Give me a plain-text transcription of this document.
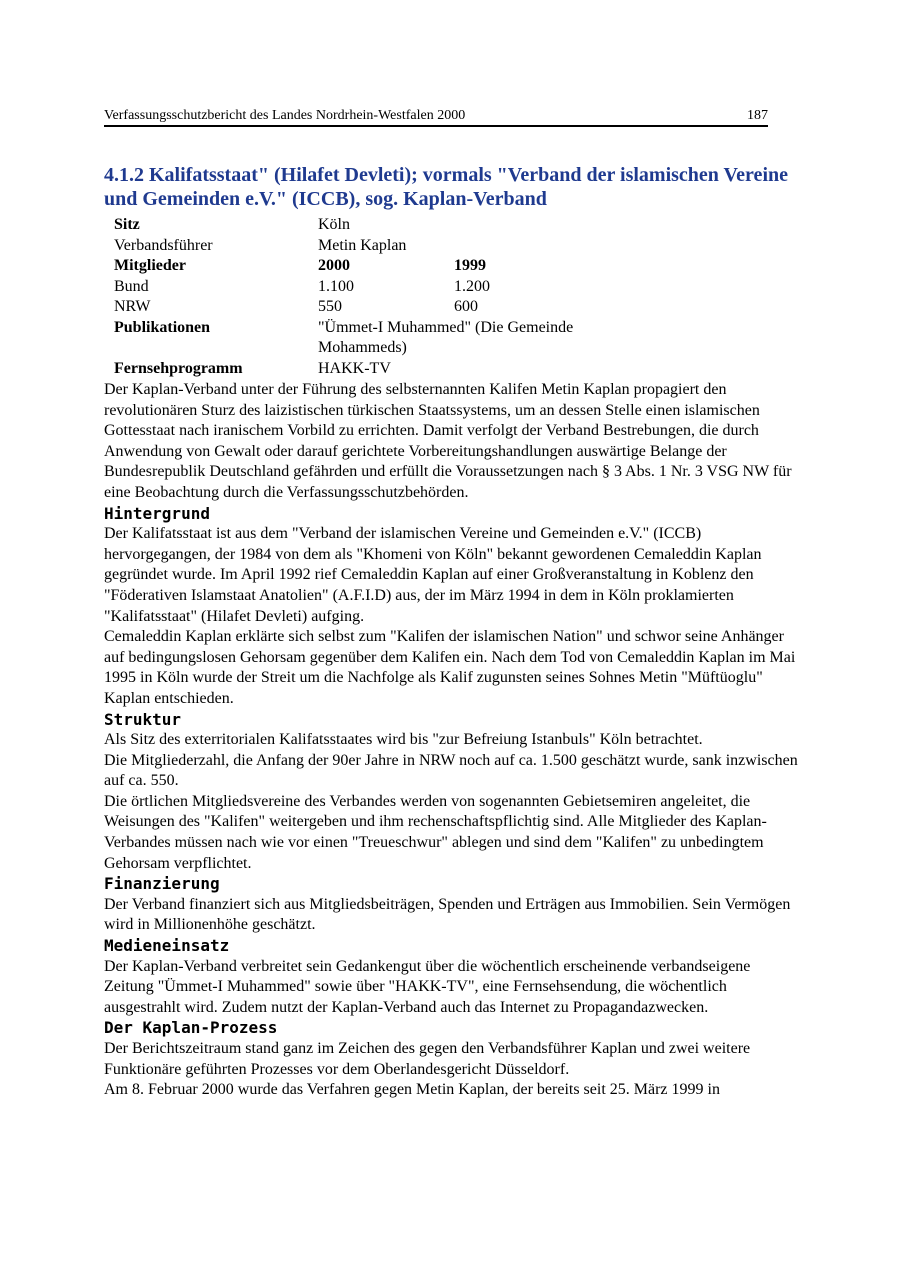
Verfassungsschutzbericht des Landes Nordrhein-Westfalen 2000	187
4.1.2 Kalifatsstaat" (Hilafet Devleti); vormals "Verband der islamischen Vereine und Gemeinden e.V." (ICCB), sog. Kaplan-Verband
Sitz	Köln
Verbandsführer	Metin Kaplan
Mitglieder	2000	1999
Bund	1.100	1.200
NRW	550	600
Publikationen	"Ümmet-I Muhammed" (Die Gemeinde Mohammeds)
Fernsehprogramm	HAKK-TV

Der Kaplan-Verband unter der Führung des selbsternannten Kalifen Metin Kaplan propagiert den revolutionären Sturz des laizistischen türkischen Staatssystems, um an dessen Stelle einen islamischen Gottesstaat nach iranischem Vorbild zu errichten. Damit verfolgt der Verband Bestrebungen, die durch Anwendung von Gewalt oder darauf gerichtete Vorbereitungshandlungen auswärtige Belange der Bundesrepublik Deutschland gefährden und erfüllt die Voraussetzungen nach § 3 Abs. 1 Nr. 3 VSG NW für eine Beobachtung durch die Verfassungsschutzbehörden.

Hintergrund

Der Kalifatsstaat ist aus dem "Verband der islamischen Vereine und Gemeinden e.V." (ICCB) hervorgegangen, der 1984 von dem als "Khomeni von Köln" bekannt gewordenen Cemaleddin Kaplan gegründet wurde. Im April 1992 rief Cemaleddin Kaplan auf einer Großveranstaltung in Koblenz den "Föderativen Islamstaat Anatolien" (A.F.I.D) aus, der im März 1994 in dem in Köln proklamierten "Kalifatsstaat" (Hilafet Devleti) aufging.

Cemaleddin Kaplan erklärte sich selbst zum "Kalifen der islamischen Nation" und schwor seine Anhänger auf bedingungslosen Gehorsam gegenüber dem Kalifen ein. Nach dem Tod von Cemaleddin Kaplan im Mai 1995 in Köln wurde der Streit um die Nachfolge als Kalif zugunsten seines Sohnes Metin "Müftüoglu" Kaplan entschieden.

Struktur

Als Sitz des exterritorialen Kalifatsstaates wird bis "zur Befreiung Istanbuls" Köln betrachtet.

Die Mitgliederzahl, die Anfang der 90er Jahre in NRW noch auf ca. 1.500 geschätzt wurde, sank inzwischen auf ca. 550.

Die örtlichen Mitgliedsvereine des Verbandes werden von sogenannten Gebietsemiren angeleitet, die Weisungen des "Kalifen" weitergeben und ihm rechenschaftspflichtig sind. Alle Mitglieder des Kaplan-Verbandes müssen nach wie vor einen "Treueschwur" ablegen und sind dem "Kalifen" zu unbedingtem Gehorsam verpflichtet.

Finanzierung

Der Verband finanziert sich aus Mitgliedsbeiträgen, Spenden und Erträgen aus Immobilien. Sein Vermögen wird in Millionenhöhe geschätzt.

Medieneinsatz

Der Kaplan-Verband verbreitet sein Gedankengut über die wöchentlich erscheinende verbandseigene Zeitung "Ümmet-I Muhammed" sowie über "HAKK-TV", eine Fernsehsendung, die wöchentlich ausgestrahlt wird. Zudem nutzt der Kaplan-Verband auch das Internet zu Propagandazwecken.

Der Kaplan-Prozess

Der Berichtszeitraum stand ganz im Zeichen des gegen den Verbandsführer Kaplan und zwei weitere Funktionäre geführten Prozesses vor dem Oberlandesgericht Düsseldorf.

Am 8. Februar 2000 wurde das Verfahren gegen Metin Kaplan, der bereits seit 25. März 1999 in
